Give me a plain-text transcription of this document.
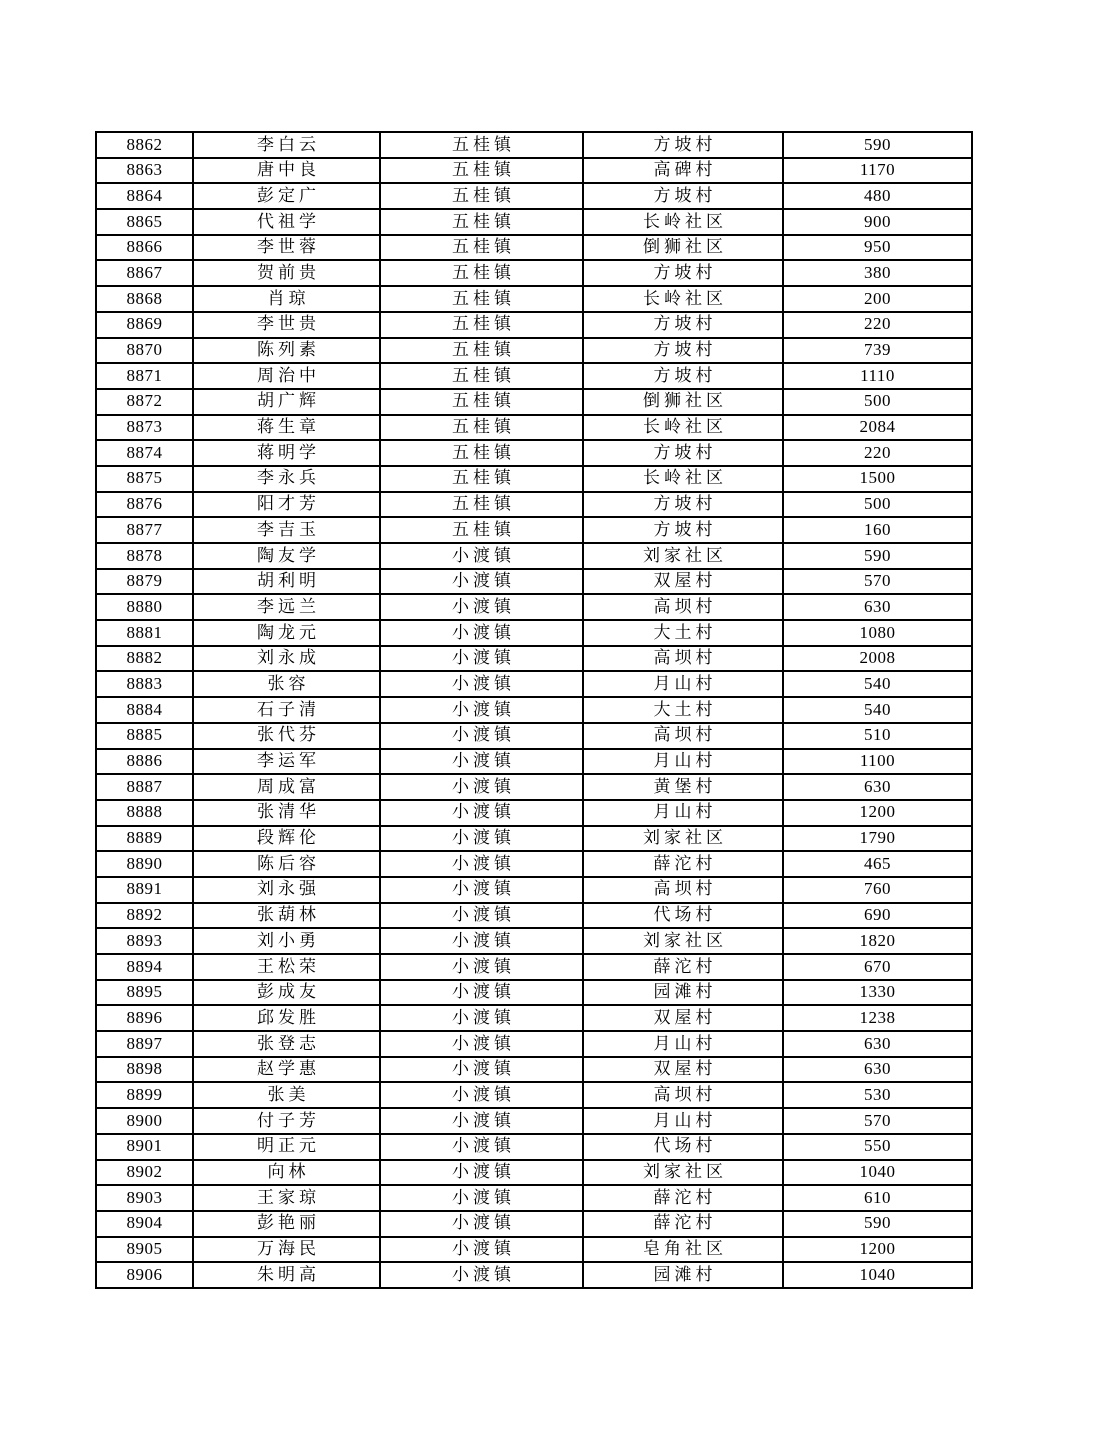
8862	李白云	五桂镇	方坡村	590
8863	唐中良	五桂镇	高碑村	1170
8864	彭定广	五桂镇	方坡村	480
8865	代祖学	五桂镇	长岭社区	900
8866	李世蓉	五桂镇	倒狮社区	950
8867	贺前贵	五桂镇	方坡村	380
8868	肖琼	五桂镇	长岭社区	200
8869	李世贵	五桂镇	方坡村	220
8870	陈列素	五桂镇	方坡村	739
8871	周治中	五桂镇	方坡村	1110
8872	胡广辉	五桂镇	倒狮社区	500
8873	蒋生章	五桂镇	长岭社区	2084
8874	蒋明学	五桂镇	方坡村	220
8875	李永兵	五桂镇	长岭社区	1500
8876	阳才芳	五桂镇	方坡村	500
8877	李吉玉	五桂镇	方坡村	160
8878	陶友学	小渡镇	刘家社区	590
8879	胡利明	小渡镇	双屋村	570
8880	李远兰	小渡镇	高坝村	630
8881	陶龙元	小渡镇	大土村	1080
8882	刘永成	小渡镇	高坝村	2008
8883	张容	小渡镇	月山村	540
8884	石子清	小渡镇	大土村	540
8885	张代芬	小渡镇	高坝村	510
8886	李运军	小渡镇	月山村	1100
8887	周成富	小渡镇	黄堡村	630
8888	张清华	小渡镇	月山村	1200
8889	段辉伦	小渡镇	刘家社区	1790
8890	陈后容	小渡镇	薛沱村	465
8891	刘永强	小渡镇	高坝村	760
8892	张葫林	小渡镇	代场村	690
8893	刘小勇	小渡镇	刘家社区	1820
8894	王松荣	小渡镇	薛沱村	670
8895	彭成友	小渡镇	园滩村	1330
8896	邱发胜	小渡镇	双屋村	1238
8897	张登志	小渡镇	月山村	630
8898	赵学惠	小渡镇	双屋村	630
8899	张美	小渡镇	高坝村	530
8900	付子芳	小渡镇	月山村	570
8901	明正元	小渡镇	代场村	550
8902	向林	小渡镇	刘家社区	1040
8903	王家琼	小渡镇	薛沱村	610
8904	彭艳丽	小渡镇	薛沱村	590
8905	万海民	小渡镇	皂角社区	1200
8906	朱明高	小渡镇	园滩村	1040
